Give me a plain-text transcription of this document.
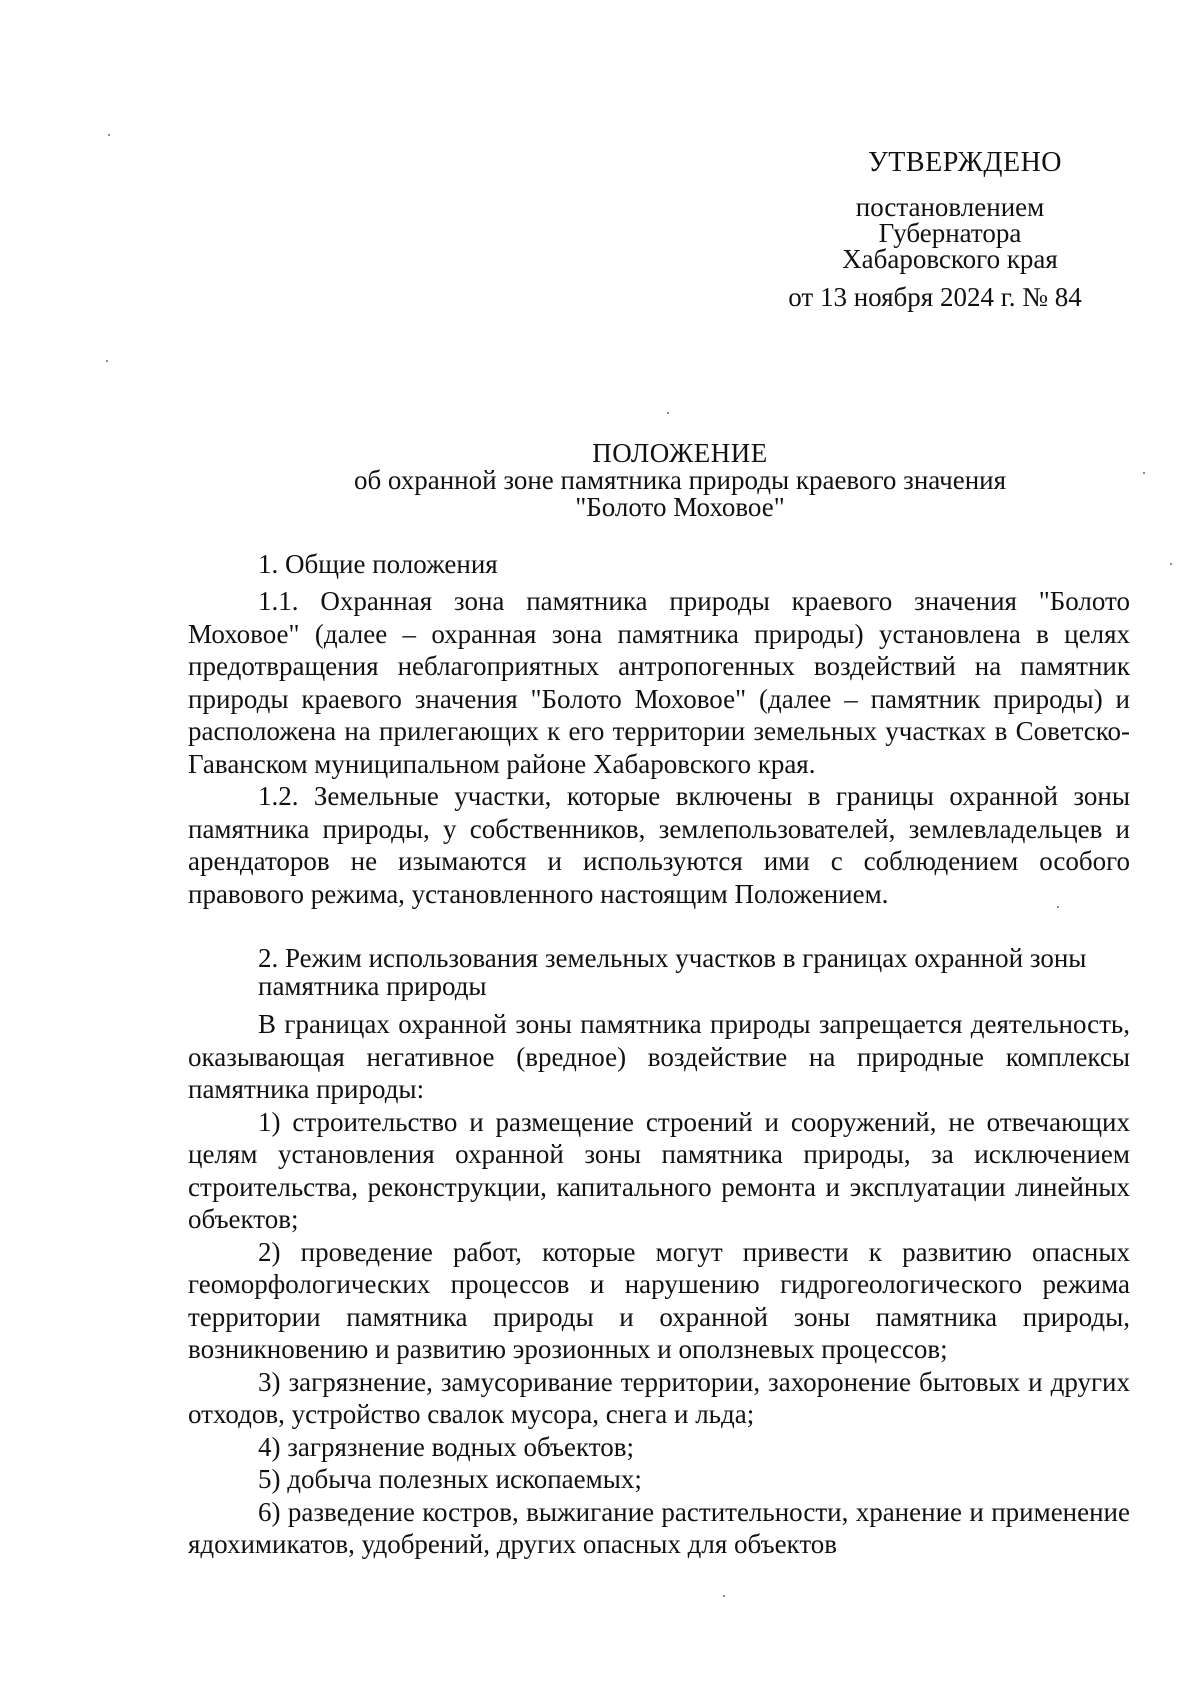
УТВЕРЖДЕНО
постановлением
Губернатора
Хабаровского края
от 13 ноября 2024 г. № 84
ПОЛОЖЕНИЕ
об охранной зоне памятника природы краевого значения
"Болото Моховое"
1. Общие положения

1.1. Охранная зона памятника природы краевого значения "Болото Моховое" (далее – охранная зона памятника природы) установлена в целях предотвращения неблагоприятных антропогенных воздействий на памятник природы краевого значения "Болото Моховое" (далее – памятник природы) и расположена на прилегающих к его территории земельных участках в Советско-Гаванском муниципальном районе Хабаровского края.

1.2. Земельные участки, которые включены в границы охранной зоны памятника природы, у собственников, землепользователей, землевладельцев и арендаторов не изымаются и используются ими с соблюдением особого правового режима, установленного настоящим Положением.

2. Режим использования земельных участков в границах охранной зоны
памятника природы

В границах охранной зоны памятника природы запрещается деятельность, оказывающая негативное (вредное) воздействие на природные комплексы памятника природы:

1) строительство и размещение строений и сооружений, не отвечающих целям установления охранной зоны памятника природы, за исключением строительства, реконструкции, капитального ремонта и эксплуатации линейных объектов;

2) проведение работ, которые могут привести к развитию опасных геоморфологических процессов и нарушению гидрогеологического режима территории памятника природы и охранной зоны памятника природы, возникновению и развитию эрозионных и оползневых процессов;

3) загрязнение, замусоривание территории, захоронение бытовых и других отходов, устройство свалок мусора, снега и льда;

4) загрязнение водных объектов;

5) добыча полезных ископаемых;

6) разведение костров, выжигание растительности, хранение и применение ядохимикатов, удобрений, других опасных для объектов
